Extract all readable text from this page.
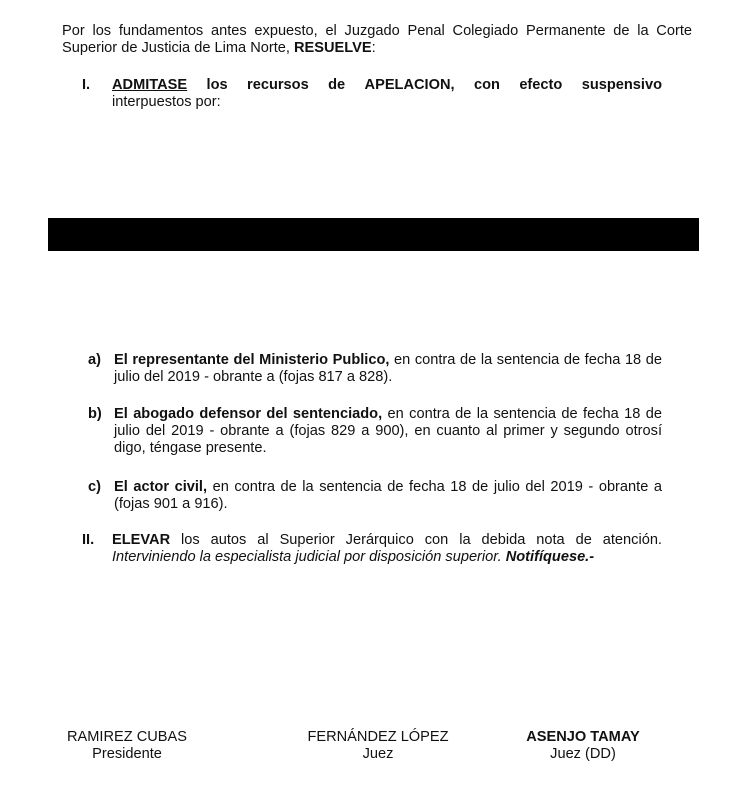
Por los fundamentos antes expuesto, el Juzgado Penal Colegiado Permanente de la Corte Superior de Justicia de Lima Norte, RESUELVE:

I. ADMITASE los recursos de APELACION, con efecto suspensivo
interpuestos por:
a) El representante del Ministerio Publico, en contra de la sentencia de fecha 18 de julio del 2019 - obrante a (fojas 817 a 828).

b) El abogado defensor del sentenciado, en contra de la sentencia de fecha 18 de julio del 2019 - obrante a (fojas 829 a 900), en cuanto al primer y segundo otrosí digo, téngase presente.

c) El actor civil, en contra de la sentencia de fecha 18 de julio del 2019 - obrante a (fojas 901 a 916).

II. ELEVAR los autos al Superior Jerárquico con la debida nota de atención. Interviniendo la especialista judicial por disposición superior. Notifíquese.-

RAMIREZ CUBAS
Presidente
FERNÁNDEZ LÓPEZ
Juez
ASENJO TAMAY
Juez (DD)
